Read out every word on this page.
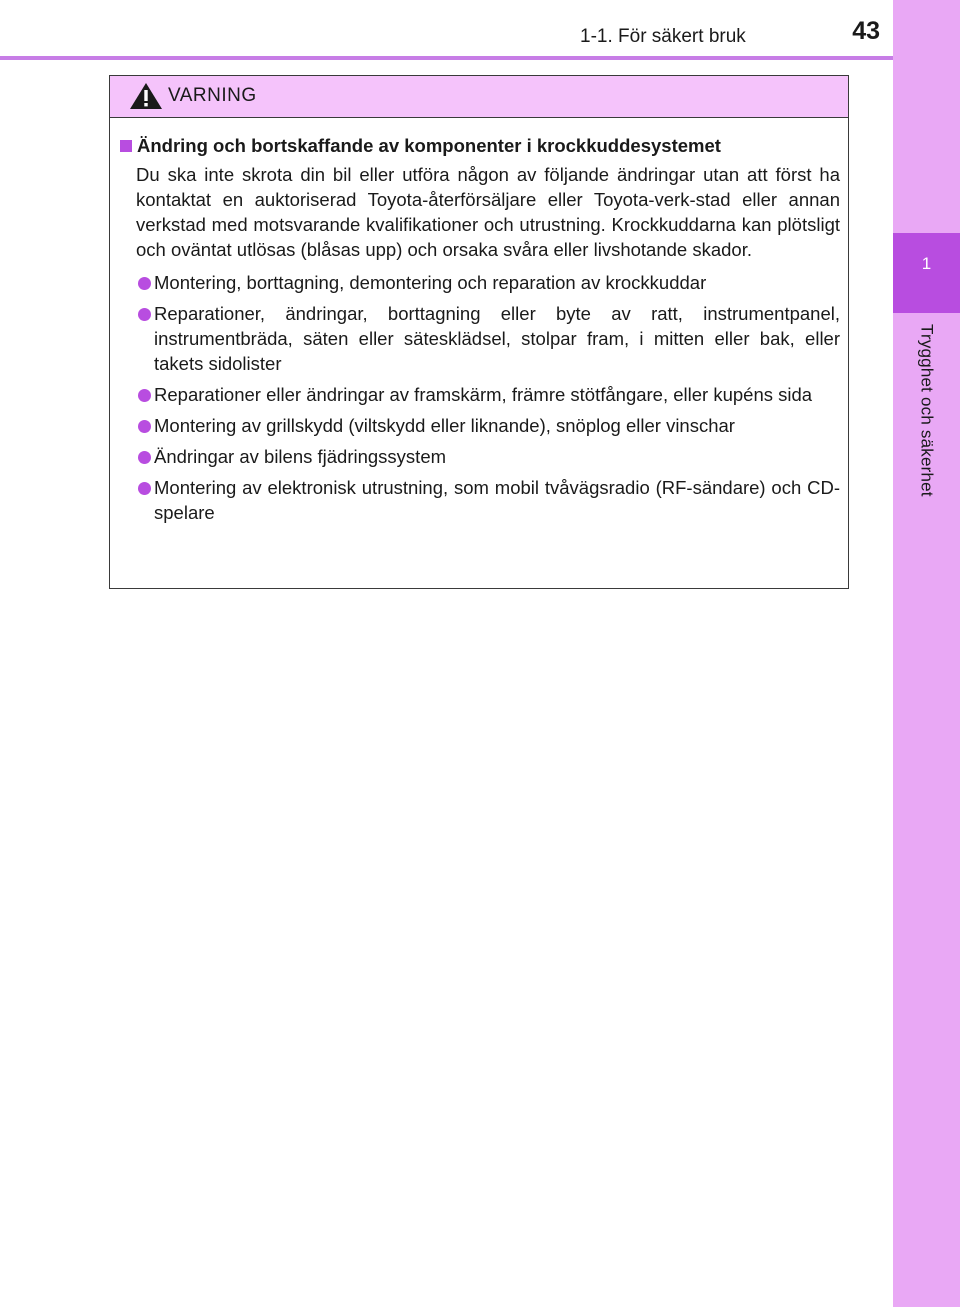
1
Trygghet och säkerhet
1-1. För säkert bruk	43
VARNING
Ändring och bortskaffande av komponenter i krockkuddesystemet

Du ska inte skrota din bil eller utföra någon av följande ändringar utan att först ha kontaktat en auktoriserad Toyota-återförsäljare eller Toyota-verk-stad eller annan verkstad med motsvarande kvalifikationer och utrustning. Krockkuddarna kan plötsligt och oväntat utlösas (blåsas upp) och orsaka svåra eller livshotande skador.

Montering, borttagning, demontering och reparation av krockkuddar
Reparationer, ändringar, borttagning eller byte av ratt, instrumentpanel, instrumentbräda, säten eller sätesklädsel, stolpar fram, i mitten eller bak, eller takets sidolister
Reparationer eller ändringar av framskärm, främre stötfångare, eller kupéns sida
Montering av grillskydd (viltskydd eller liknande), snöplog eller vinschar
Ändringar av bilens fjädringssystem
Montering av elektronisk utrustning, som mobil tvåvägsradio (RF-sändare) och CD-spelare
